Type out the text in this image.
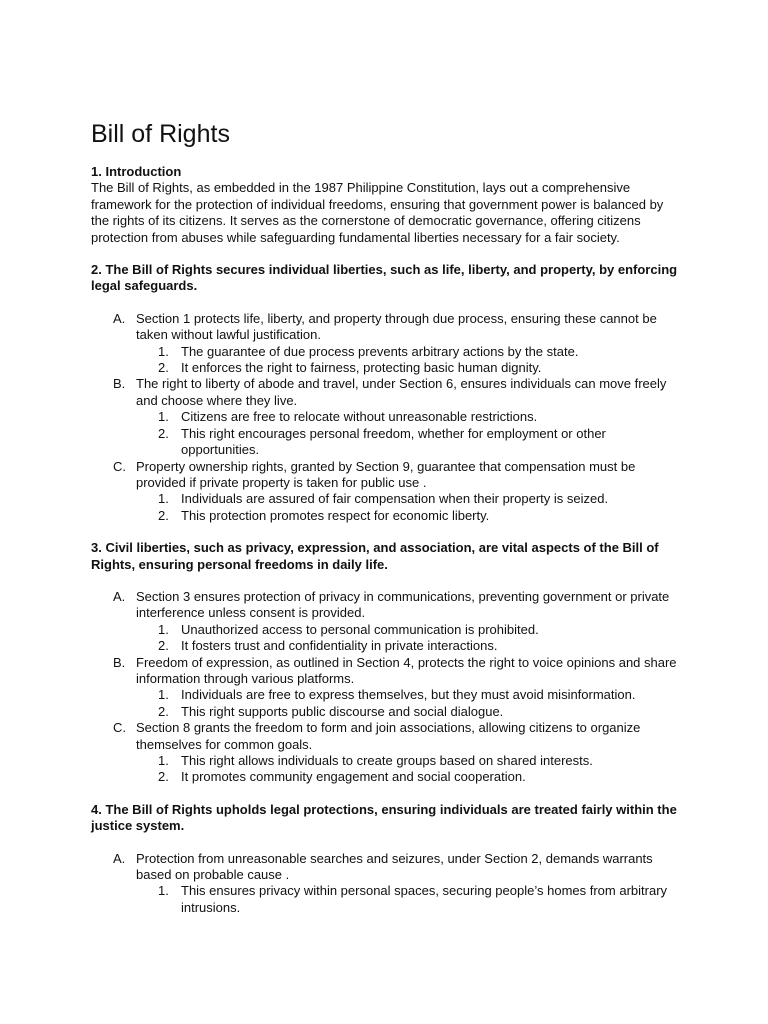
Bill of Rights
1. Introduction

The Bill of Rights, as embedded in the 1987 Philippine Constitution, lays out a comprehensive framework for the protection of individual freedoms, ensuring that government power is balanced by the rights of its citizens. It serves as the cornerstone of democratic governance, offering citizens protection from abuses while safeguarding fundamental liberties necessary for a fair society.

2. The Bill of Rights secures individual liberties, such as life, liberty, and property, by enforcing legal safeguards.
A. Section 1 protects life, liberty, and property through due process, ensuring these cannot be taken without lawful justification.
1. The guarantee of due process prevents arbitrary actions by the state.
2. It enforces the right to fairness, protecting basic human dignity.
B. The right to liberty of abode and travel, under Section 6, ensures individuals can move freely and choose where they live.
1. Citizens are free to relocate without unreasonable restrictions.
2. This right encourages personal freedom, whether for employment or other opportunities.
C. Property ownership rights, granted by Section 9, guarantee that compensation must be provided if private property is taken for public use .
1. Individuals are assured of fair compensation when their property is seized.
2. This protection promotes respect for economic liberty.
3. Civil liberties, such as privacy, expression, and association, are vital aspects of the Bill of Rights, ensuring personal freedoms in daily life.
A. Section 3 ensures protection of privacy in communications, preventing government or private interference unless consent is provided.
1. Unauthorized access to personal communication is prohibited.
2. It fosters trust and confidentiality in private interactions.
B. Freedom of expression, as outlined in Section 4, protects the right to voice opinions and share information through various platforms.
1. Individuals are free to express themselves, but they must avoid misinformation.
2. This right supports public discourse and social dialogue.
C. Section 8 grants the freedom to form and join associations, allowing citizens to organize themselves for common goals.
1. This right allows individuals to create groups based on shared interests.
2. It promotes community engagement and social cooperation.
4. The Bill of Rights upholds legal protections, ensuring individuals are treated fairly within the justice system.
A. Protection from unreasonable searches and seizures, under Section 2, demands warrants based on probable cause .
1. This ensures privacy within personal spaces, securing people’s homes from arbitrary intrusions.
